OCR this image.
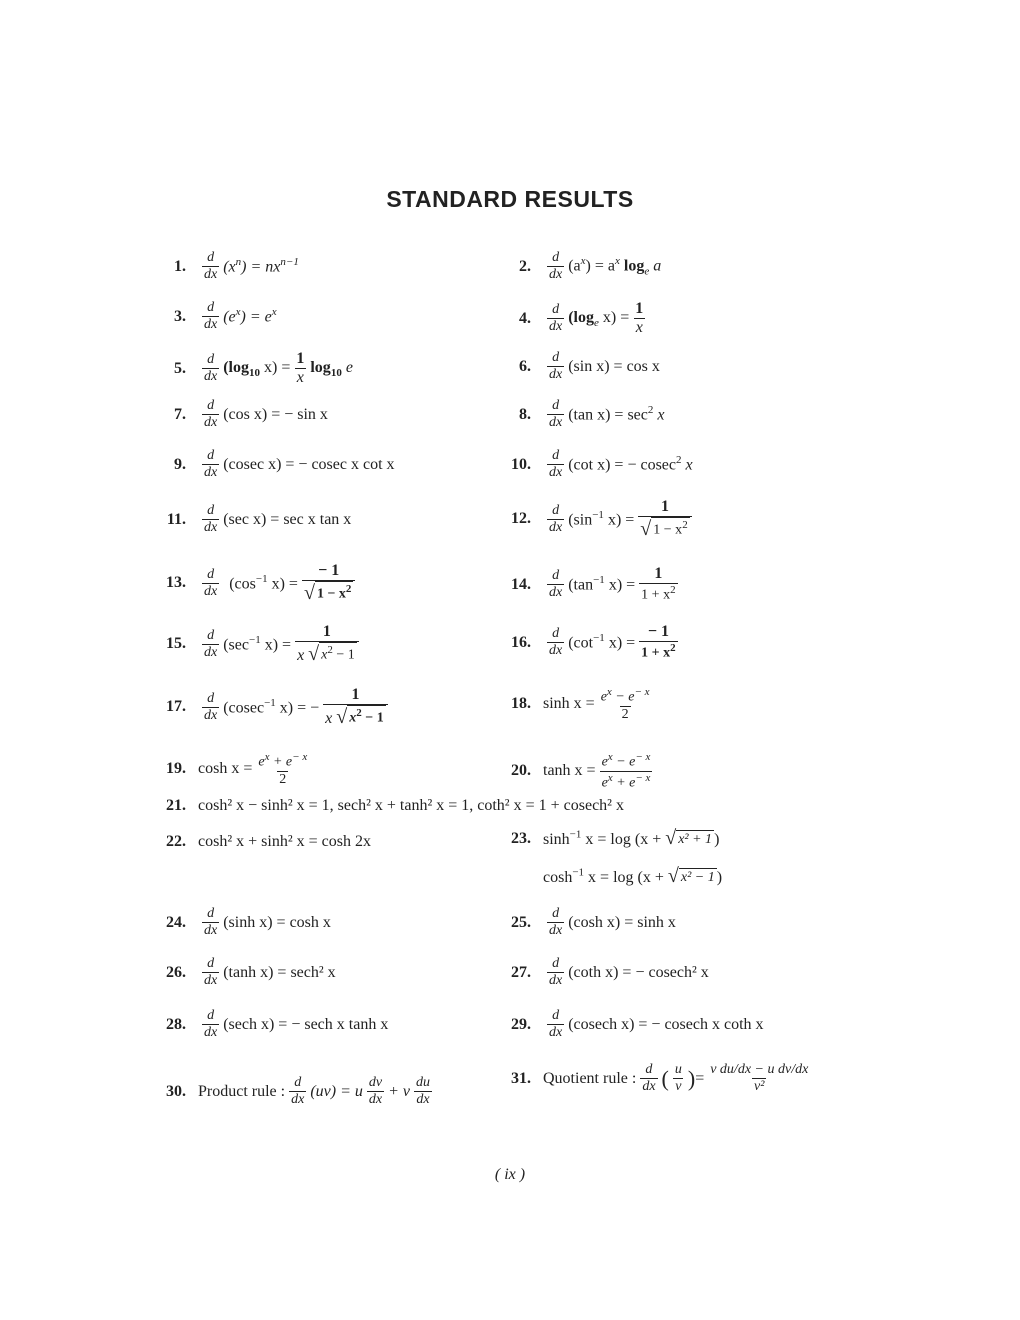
STANDARD RESULTS
1. $\frac{d}{dx} (x^n) = nx^{n-1}$	2. $\frac{d}{dx} (a^x) = a^x$ $\log_e a$
3. $\frac{d}{dx} (e^x) = e^x$	4. $\frac{d}{dx} (\log_e$ $x) = \frac{1}{x}$
5. $\frac{d}{dx} (\log_{10}$ $x) = \frac{1}{x} \log_{10} e$	6. $\frac{d}{dx} (\sin$ x) = cos x
7. $\frac{d}{dx} (\cos$ x) = − sin x	8. $\frac{d}{dx} (\tan$ $x) = \sec^2 x$
9. $\frac{d}{dx} (cosec$ x) = − cosec x cot x	10. $\frac{d}{dx} (\cot$ x) = − cosec$^2$ x
11. $\frac{d}{dx} (\sec$ x) = sec x tan x	12. $\frac{d}{dx} (\sin^{-1}$ $x) = \frac{1}{√ 1 - x^2}$
13. $\frac{d}{dx} (\cos^{-1}$ $x) = \frac{- 1}{√ 1 - x^2}$	14. $\frac{d}{dx} (\tan^{-1}$ $x) = \frac{1}{1 + x^2}$
15. $\frac{d}{dx} (\sec^{-1}$ $x) = \frac{1}{x √ x^2 - 1}$	16. $\frac{d}{dx} (\cot^{-1}$ $x) = \frac{- 1}{1 + x^2}$
17. $\frac{d}{dx} (cosec^{-1}$ x) = − $\frac{1}{x √ x^2 - 1}$	18. $\sinh x = \frac{e^x - e^{- x}}{2}$
19. $\cosh x = \frac{e^x + e^{- x}}{2}$	20. $\tanh x = \frac{e^x - e^{- x}}{e^x + e^{- x}}$
21. cosh² x − sinh² x = 1, sech² x + tanh² x = 1, coth² x = 1 + cosech² x
22. cosh² x + sinh² x = cosh 2x	23. $\sinh^{-1} x = \log (x$ + √ x² + 1 )
$\cosh^{-1} x = \log (x$ + √ x² − 1 )
24. $\frac{d}{dx} (\sinh$ x) = cosh x	25. $\frac{d}{dx} (\cosh$ x) = sinh x
26. $\frac{d}{dx} (\tanh$ x) = sech² x	27. $\frac{d}{dx} (\cot h$ x) = − cosech² x
28. $\frac{d}{dx} (\sec h$ x) = − sech x tanh x	29. $\frac{d}{dx} (cosech$ x) = − cosech x coth x
30. Product rule : $\frac{d}{dx} (uv) = u \frac{dv}{dx} + v \frac{du}{dx}$	31. Quotient rule : $\frac{d}{dx}$ ( $\frac{u}{v}$ ) = $\frac{\text{v du/dx − u dv/dx}}{\text{v²}}$
( ix )
